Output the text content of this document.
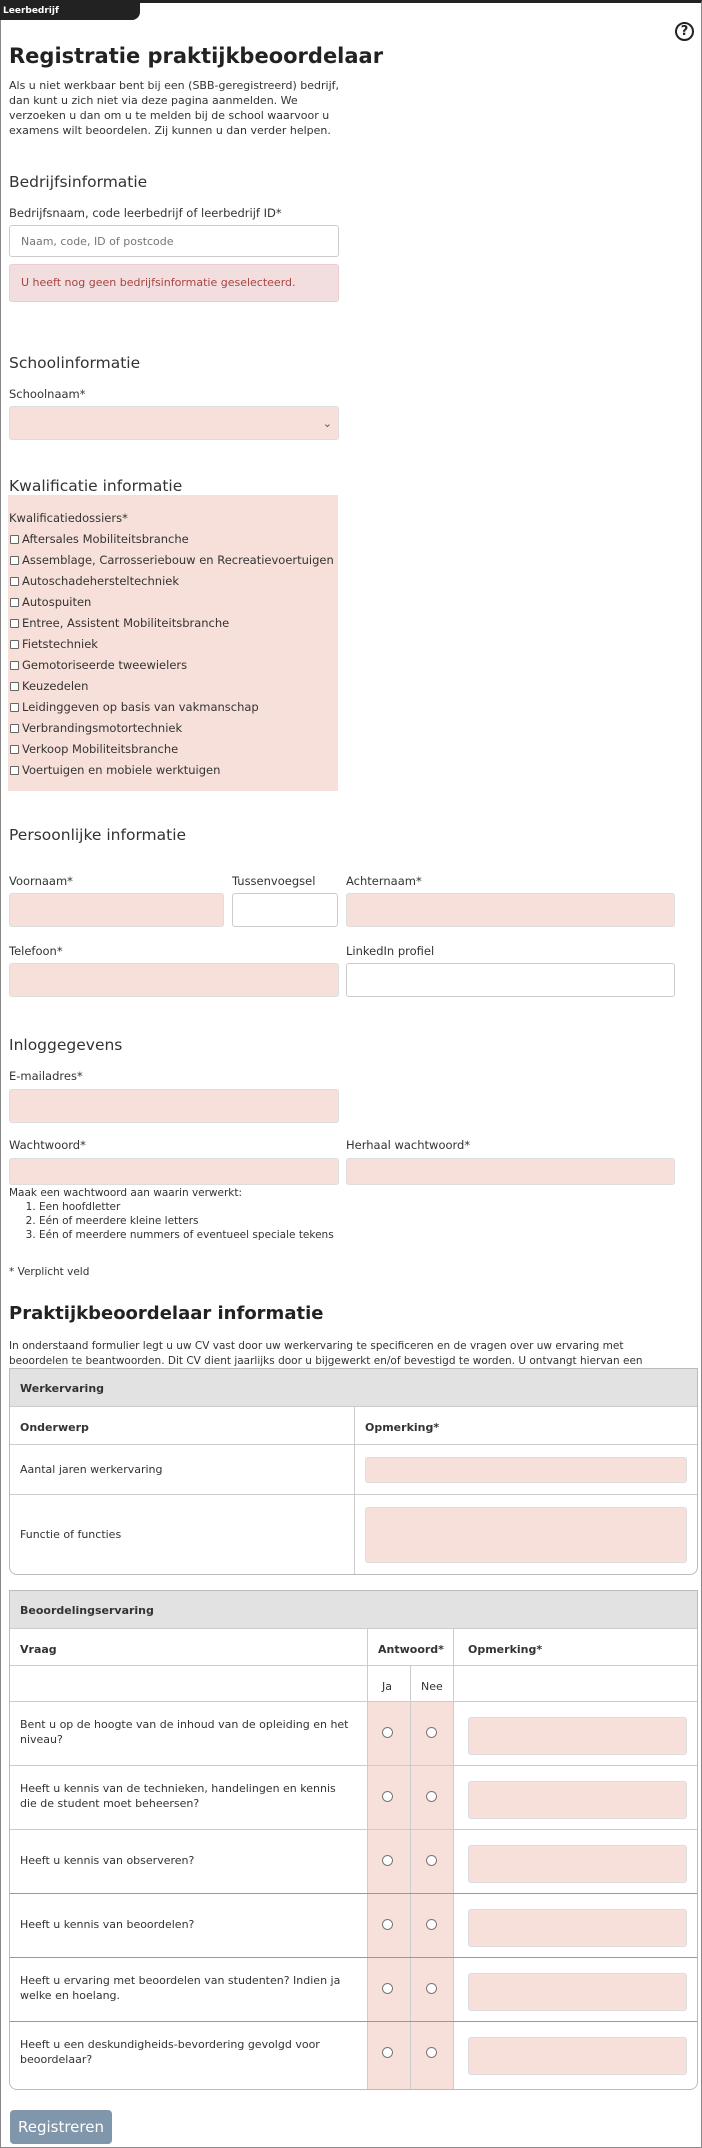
Leerbedrijf
?
Registratie praktijkbeoordelaar
Als u niet werkbaar bent bij een (SBB-geregistreerd) bedrijf, dan kunt u zich niet via deze pagina aanmelden. We verzoeken u dan om u te melden bij de school waarvoor u examens wilt beoordelen. Zij kunnen u dan verder helpen.
Bedrijfsinformatie
Bedrijfsnaam, code leerbedrijf of leerbedrijf ID*
Naam, code, ID of postcode
U heeft nog geen bedrijfsinformatie geselecteerd.
Schoolinformatie
Schoolnaam*
⌄
Kwalificatie informatie
Kwalificatiedossiers*
Aftersales Mobiliteitsbranche
Assemblage, Carrosseriebouw en Recreatievoertuigen
Autoschadehersteltechniek
Autospuiten
Entree, Assistent Mobiliteitsbranche
Fietstechniek
Gemotoriseerde tweewielers
Keuzedelen
Leidinggeven op basis van vakmanschap
Verbrandingsmotortechniek
Verkoop Mobiliteitsbranche
Voertuigen en mobiele werktuigen
Persoonlijke informatie
Voornaam*	Tussenvoegsel	Achternaam*
Telefoon*	LinkedIn profiel
Inloggegevens
E-mailadres*
Wachtwoord*	Herhaal wachtwoord*
Maak een wachtwoord aan waarin verwerkt:
1. Een hoofdletter
2. Eén of meerdere kleine letters
3. Eén of meerdere nummers of eventueel speciale tekens
* Verplicht veld
Praktijkbeoordelaar informatie
In onderstaand formulier legt u uw CV vast door uw werkervaring te specificeren en de vragen over uw ervaring met beoordelen te beantwoorden. Dit CV dient jaarlijks door u bijgewerkt en/of bevestigd te worden. U ontvangt hiervan een
Werkervaring
Onderwerp	Opmerking*
Aantal jaren werkervaring
Functie of functies
Beoordelingservaring
Vraag	Antwoord* Opmerking*
Ja	Nee
Bent u op de hoogte van de inhoud van de opleiding en het niveau?
Heeft u kennis van de technieken, handelingen en kennis die de student moet beheersen?
Heeft u kennis van observeren?
Heeft u kennis van beoordelen?
Heeft u ervaring met beoordelen van studenten? Indien ja welke en hoelang.
Heeft u een deskundigheids-bevordering gevolgd voor beoordelaar?
Registreren
